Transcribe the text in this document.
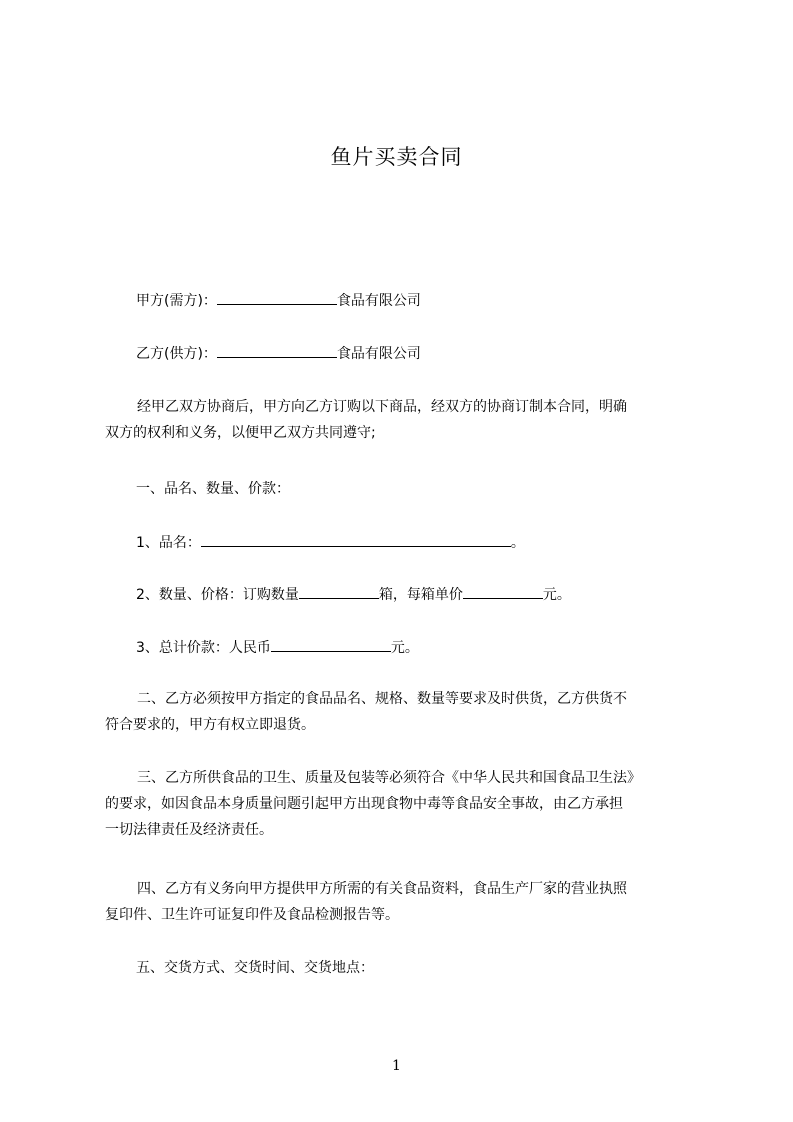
鱼片买卖合同
甲方(需方)：	食品有限公司
乙方(供方)：	食品有限公司
经甲乙双方协商后，甲方向乙方订购以下商品，经双方的协商订制本合同，明确
双方的权利和义务，以便甲乙双方共同遵守;
一、品名、数量、价款：
1、品名：	。
2、数量、价格：订购数量	箱，每箱单价	元。
3、总计价款：人民币	元。
二、乙方必须按甲方指定的食品品名、规格、数量等要求及时供货，乙方供货不
符合要求的，甲方有权立即退货。
三、乙方所供食品的卫生、质量及包装等必须符合《中华人民共和国食品卫生法》
的要求，如因食品本身质量问题引起甲方出现食物中毒等食品安全事故，由乙方承担
一切法律责任及经济责任。
四、乙方有义务向甲方提供甲方所需的有关食品资料，食品生产厂家的营业执照
复印件、卫生许可证复印件及食品检测报告等。
五、交货方式、交货时间、交货地点：
1
